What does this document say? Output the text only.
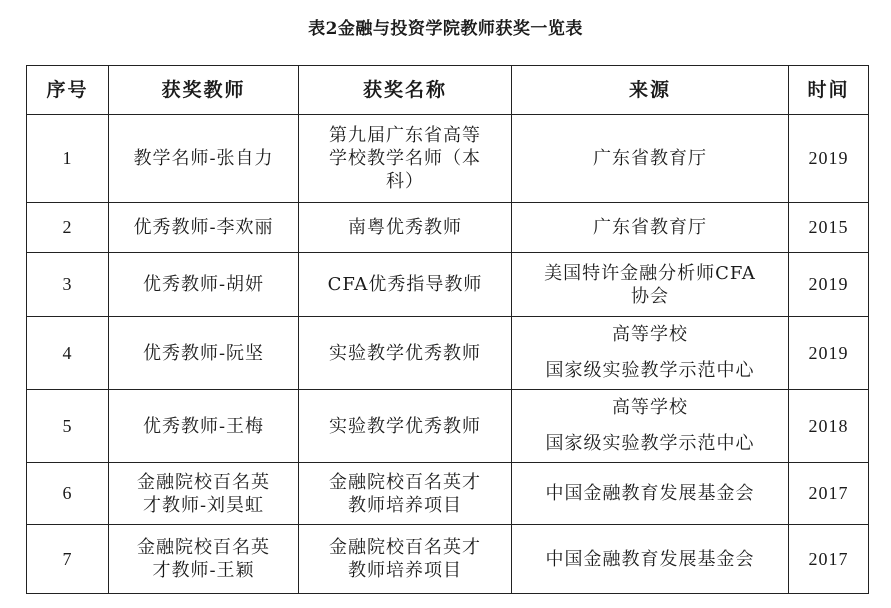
表2金融与投资学院教师获奖一览表
序号	获奖教师	获奖名称	来源	时间

1	教学名师-张自力	第九届广东省高等
学校教学名师（本
科）	广东省教育厅	2019

2	优秀教师-李欢丽	南粤优秀教师	广东省教育厅	2015

3	优秀教师-胡妍	CFA优秀指导教师	美国特许金融分析师CFA
协会	2019

4	优秀教师-阮坚	实验教学优秀教师	高等学校
国家级实验教学示范中心	2019

5	优秀教师-王梅	实验教学优秀教师	高等学校
国家级实验教学示范中心	2018

6	金融院校百名英
才教师-刘昊虹	金融院校百名英才
教师培养项目	中国金融教育发展基金会	2017

7	金融院校百名英
才教师-王颖	金融院校百名英才
教师培养项目	中国金融教育发展基金会	2017
